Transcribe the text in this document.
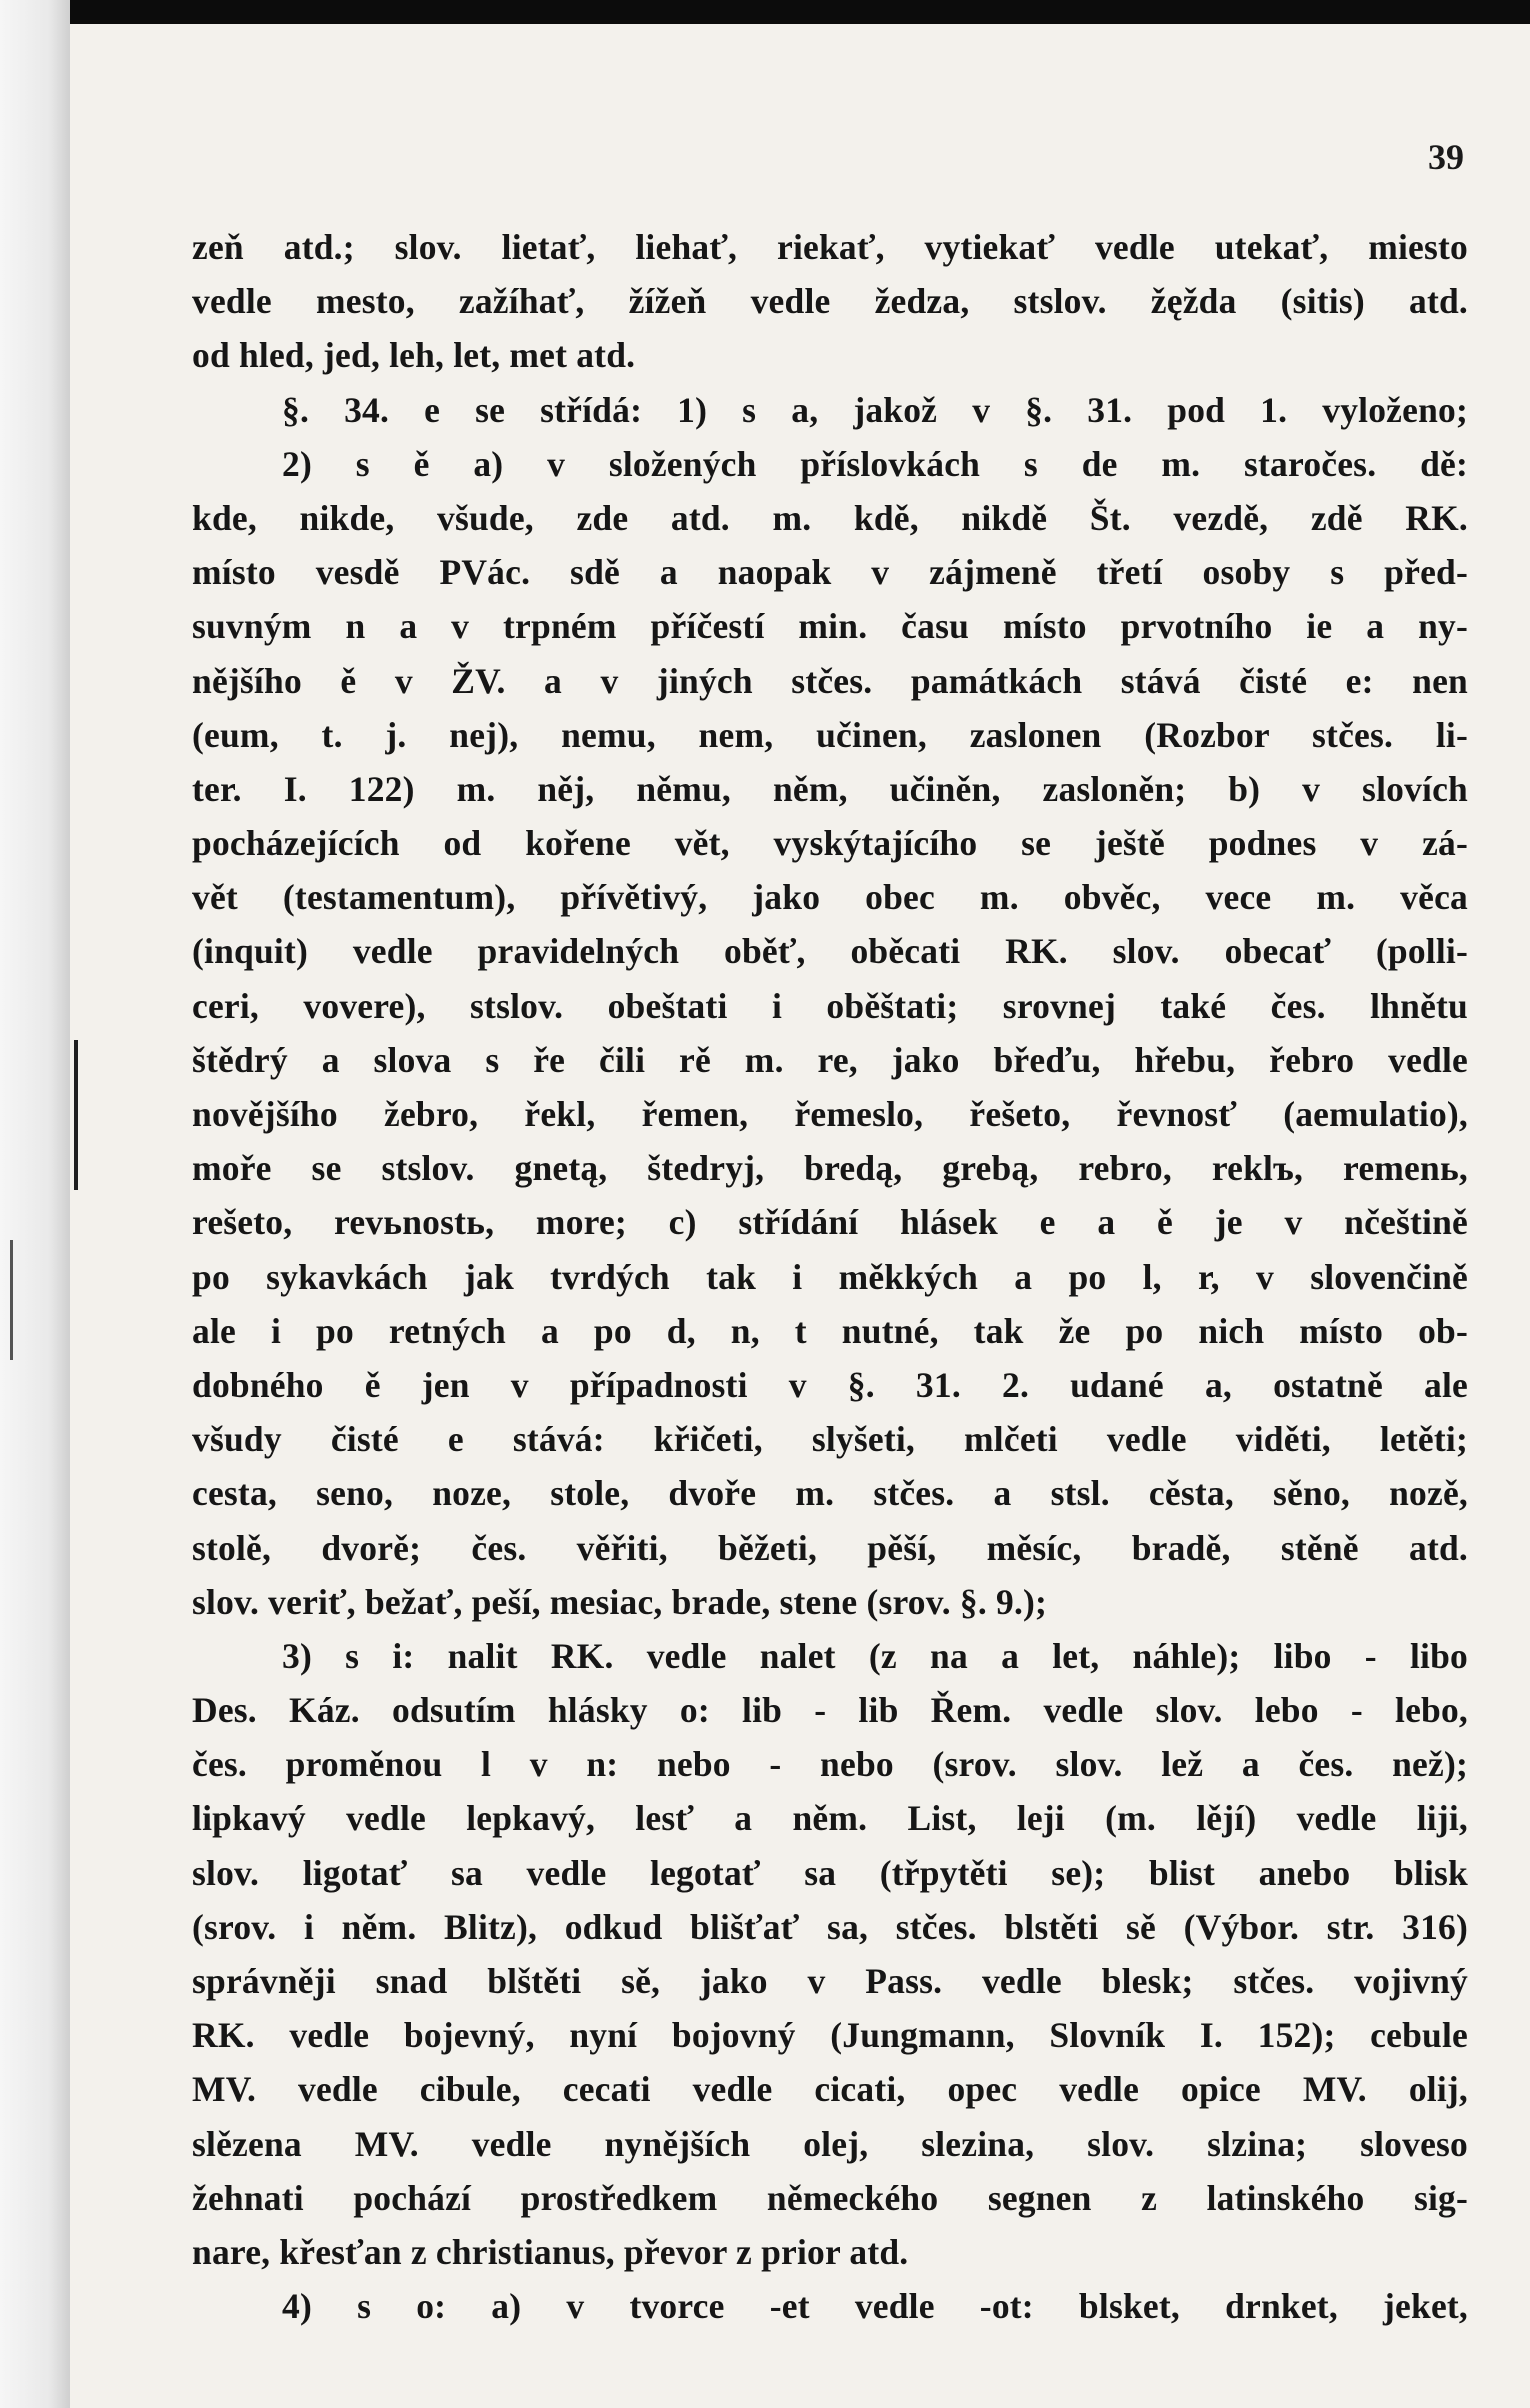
39
zeň atd.; slov. lietať, liehať, riekať, vytiekať vedle utekať, miesto
vedle mesto, zažíhať, žížeň vedle žedza, stslov. žęžda (sitis) atd.
od hled, jed, leh, let, met atd.
§. 34. e se střídá: 1) s a, jakož v §. 31. pod 1. vyloženo;
2) s ě a) v složených příslovkách s de m. staročes. dě:
kde, nikde, všude, zde atd. m. kdě, nikdě Št. vezdě, zdě RK.
místo vesdě PVác. sdě a naopak v zájmeně třetí osoby s před-
suvným n a v trpném příčestí min. času místo prvotního ie a ny-
nějšího ě v ŽV. a v jiných stčes. památkách stává čisté e: nen
(eum, t. j. nej), nemu, nem, učinen, zaslonen (Rozbor stčes. li-
ter. I. 122) m. něj, němu, něm, učiněn, zasloněn; b) v slovích
pocházejících od kořene vět, vyskýtajícího se ještě podnes v zá-
vět (testamentum), přívětivý, jako obec m. obvěc, vece m. věca
(inquit) vedle pravidelných oběť, oběcati RK. slov. obecať (polli-
ceri, vovere), stslov. obeštati i oběštati; srovnej také čes. lhnětu
štědrý a slova s ře čili rě m. re, jako břeďu, hřebu, řebro vedle
novějšího žebro, řekl, řemen, řemeslo, řešeto, řevnosť (aemulatio),
moře se stslov. gnetą, štedryj, bredą, grebą, rebro, reklъ, remenь,
rešeto, revьnostь, more; c) střídání hlásek e a ě je v nčeštině
po sykavkách jak tvrdých tak i měkkých a po l, r, v slovenčině
ale i po retných a po d, n, t nutné, tak že po nich místo ob-
dobného ě jen v případnosti v §. 31. 2. udané a, ostatně ale
všudy čisté e stává: křičeti, slyšeti, mlčeti vedle viděti, letěti;
cesta, seno, noze, stole, dvoře m. stčes. a stsl. cěsta, sěno, nozě,
stolě, dvorě; čes. věřiti, běžeti, pěší, měsíc, bradě, stěně atd.
slov. veriť, bežať, peší, mesiac, brade, stene (srov. §. 9.);
3) s i: nalit RK. vedle nalet (z na a let, náhle); libo - libo
Des. Káz. odsutím hlásky o: lib - lib Řem. vedle slov. lebo - lebo,
čes. proměnou l v n: nebo - nebo (srov. slov. lež a čes. než);
lipkavý vedle lepkavý, lesť a něm. List, leji (m. lějí) vedle liji,
slov. ligotať sa vedle legotať sa (třpytěti se); blist anebo blisk
(srov. i něm. Blitz), odkud blišťať sa, stčes. blstěti sě (Výbor. str. 316)
správněji snad blštěti sě, jako v Pass. vedle blesk; stčes. vojivný
RK. vedle bojevný, nyní bojovný (Jungmann, Slovník I. 152); cebule
MV. vedle cibule, cecati vedle cicati, opec vedle opice MV. olij,
slězena MV. vedle nynějších olej, slezina, slov. slzina; sloveso
žehnati pochází prostředkem německého segnen z latinského sig-
nare, křesťan z christianus, převor z prior atd.
4) s o: a) v tvorce -et vedle -ot: blsket, drnket, jeket,
